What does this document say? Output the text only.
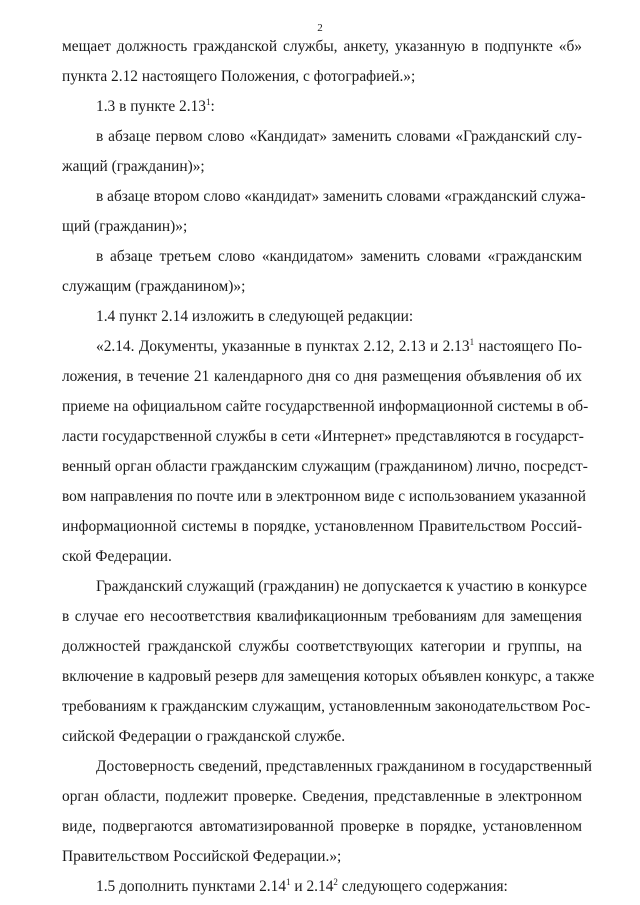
2
мещает должность гражданской службы, анкету, указанную в подпункте «б»
пункта 2.12 настоящего Положения, с фотографией.»;
1.3 в пункте 2.13$^1$:
в абзаце первом слово «Кандидат» заменить словами «Гражданский слу-
жащий (гражданин)»;
в абзаце втором слово «кандидат» заменить словами «гражданский служа-
щий (гражданин)»;
в абзаце третьем слово «кандидатом» заменить словами «гражданским
служащим (гражданином)»;
1.4 пункт 2.14 изложить в следующей редакции:
«2.14. Документы, указанные в пунктах 2.12, 2.13 и 2.13$^1$ настоящего По-
ложения, в течение 21 календарного дня со дня размещения объявления об их
приеме на официальном сайте государственной информационной системы в об-
ласти государственной службы в сети «Интернет» представляются в государст-
венный орган области гражданским служащим (гражданином) лично, посредст-
вом направления по почте или в электронном виде с использованием указанной
информационной системы в порядке, установленном Правительством Россий-
ской Федерации.
Гражданский служащий (гражданин) не допускается к участию в конкурсе
в случае его несоответствия квалификационным требованиям для замещения
должностей гражданской службы соответствующих категории и группы, на
включение в кадровый резерв для замещения которых объявлен конкурс, а также
требованиям к гражданским служащим, установленным законодательством Рос-
сийской Федерации о гражданской службе.
Достоверность сведений, представленных гражданином в государственный
орган области, подлежит проверке. Сведения, представленные в электронном
виде, подвергаются автоматизированной проверке в порядке, установленном
Правительством Российской Федерации.»;
1.5 дополнить пунктами 2.14$^1$ и 2.14$^2$ следующего содержания:
